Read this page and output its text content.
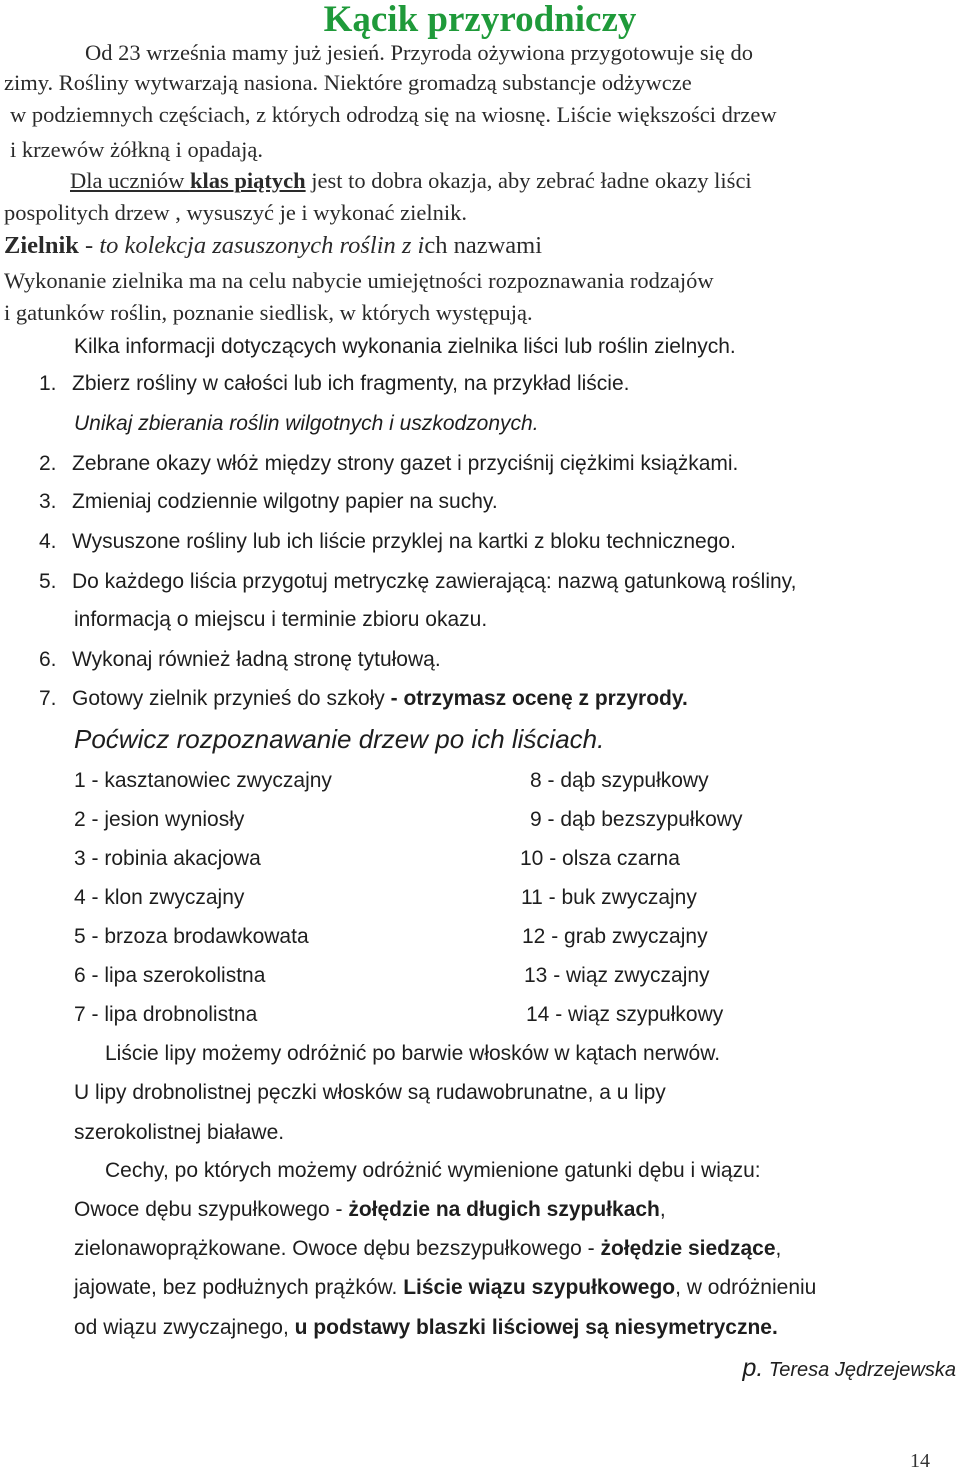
Kącik przyrodniczy

Od 23 września mamy już jesień. Przyroda ożywiona przygotowuje się do

zimy. Rośliny wytwarzają nasiona. Niektóre gromadzą substancje odżywcze

w podziemnych częściach, z których odrodzą się na wiosnę. Liście większości drzew

i krzewów żółkną i opadają.

Dla uczniów klas piątych jest to dobra okazja, aby zebrać ładne okazy liści

pospolitych drzew , wysuszyć je i wykonać zielnik.

Zielnik - to kolekcja zasuszonych roślin z ich nazwami

Wykonanie zielnika ma na celu nabycie umiejętności rozpoznawania rodzajów

i gatunków roślin, poznanie siedlisk, w których występują.

Kilka informacji dotyczących wykonania zielnika liści lub roślin zielnych.

1. Zbierz rośliny w całości lub ich fragmenty, na przykład liście.

Unikaj zbierania roślin wilgotnych i uszkodzonych.

2. Zebrane okazy włóż między strony gazet i przyciśnij ciężkimi książkami.

3. Zmieniaj codziennie wilgotny papier na suchy.

4. Wysuszone rośliny lub ich liście przyklej na kartki z bloku technicznego.

5. Do każdego liścia przygotuj metryczkę zawierającą: nazwą gatunkową rośliny,

informacją o miejscu i terminie zbioru okazu.

6. Wykonaj również ładną stronę tytułową.

7. Gotowy zielnik przynieś do szkoły - otrzymasz ocenę z przyrody.

Poćwicz rozpoznawanie drzew po ich liściach.

1 - kasztanowiec zwyczajny

2 - jesion wyniosły

3 - robinia akacjowa

4 - klon zwyczajny

5 - brzoza brodawkowata

6 - lipa szerokolistna

7 - lipa drobnolistna

8 - dąb szypułkowy

9 - dąb bezszypułkowy

10 - olsza czarna

11 - buk zwyczajny

12 - grab zwyczajny

13 - wiąz zwyczajny

14 - wiąz szypułkowy

Liście lipy możemy odróżnić po barwie włosków w kątach nerwów.

U lipy drobnolistnej pęczki włosków są rudawobrunatne, a u lipy

szerokolistnej białawe.

Cechy, po których możemy odróżnić wymienione gatunki dębu i wiązu:

Owoce dębu szypułkowego - żołędzie na długich szypułkach,

zielonawoprążkowane. Owoce dębu bezszypułkowego - żołędzie siedzące,

jajowate, bez podłużnych prążków. Liście wiązu szypułkowego, w odróżnieniu

od wiązu zwyczajnego, u podstawy blaszki liściowej są niesymetryczne.

p. Teresa Jędrzejewska

14
